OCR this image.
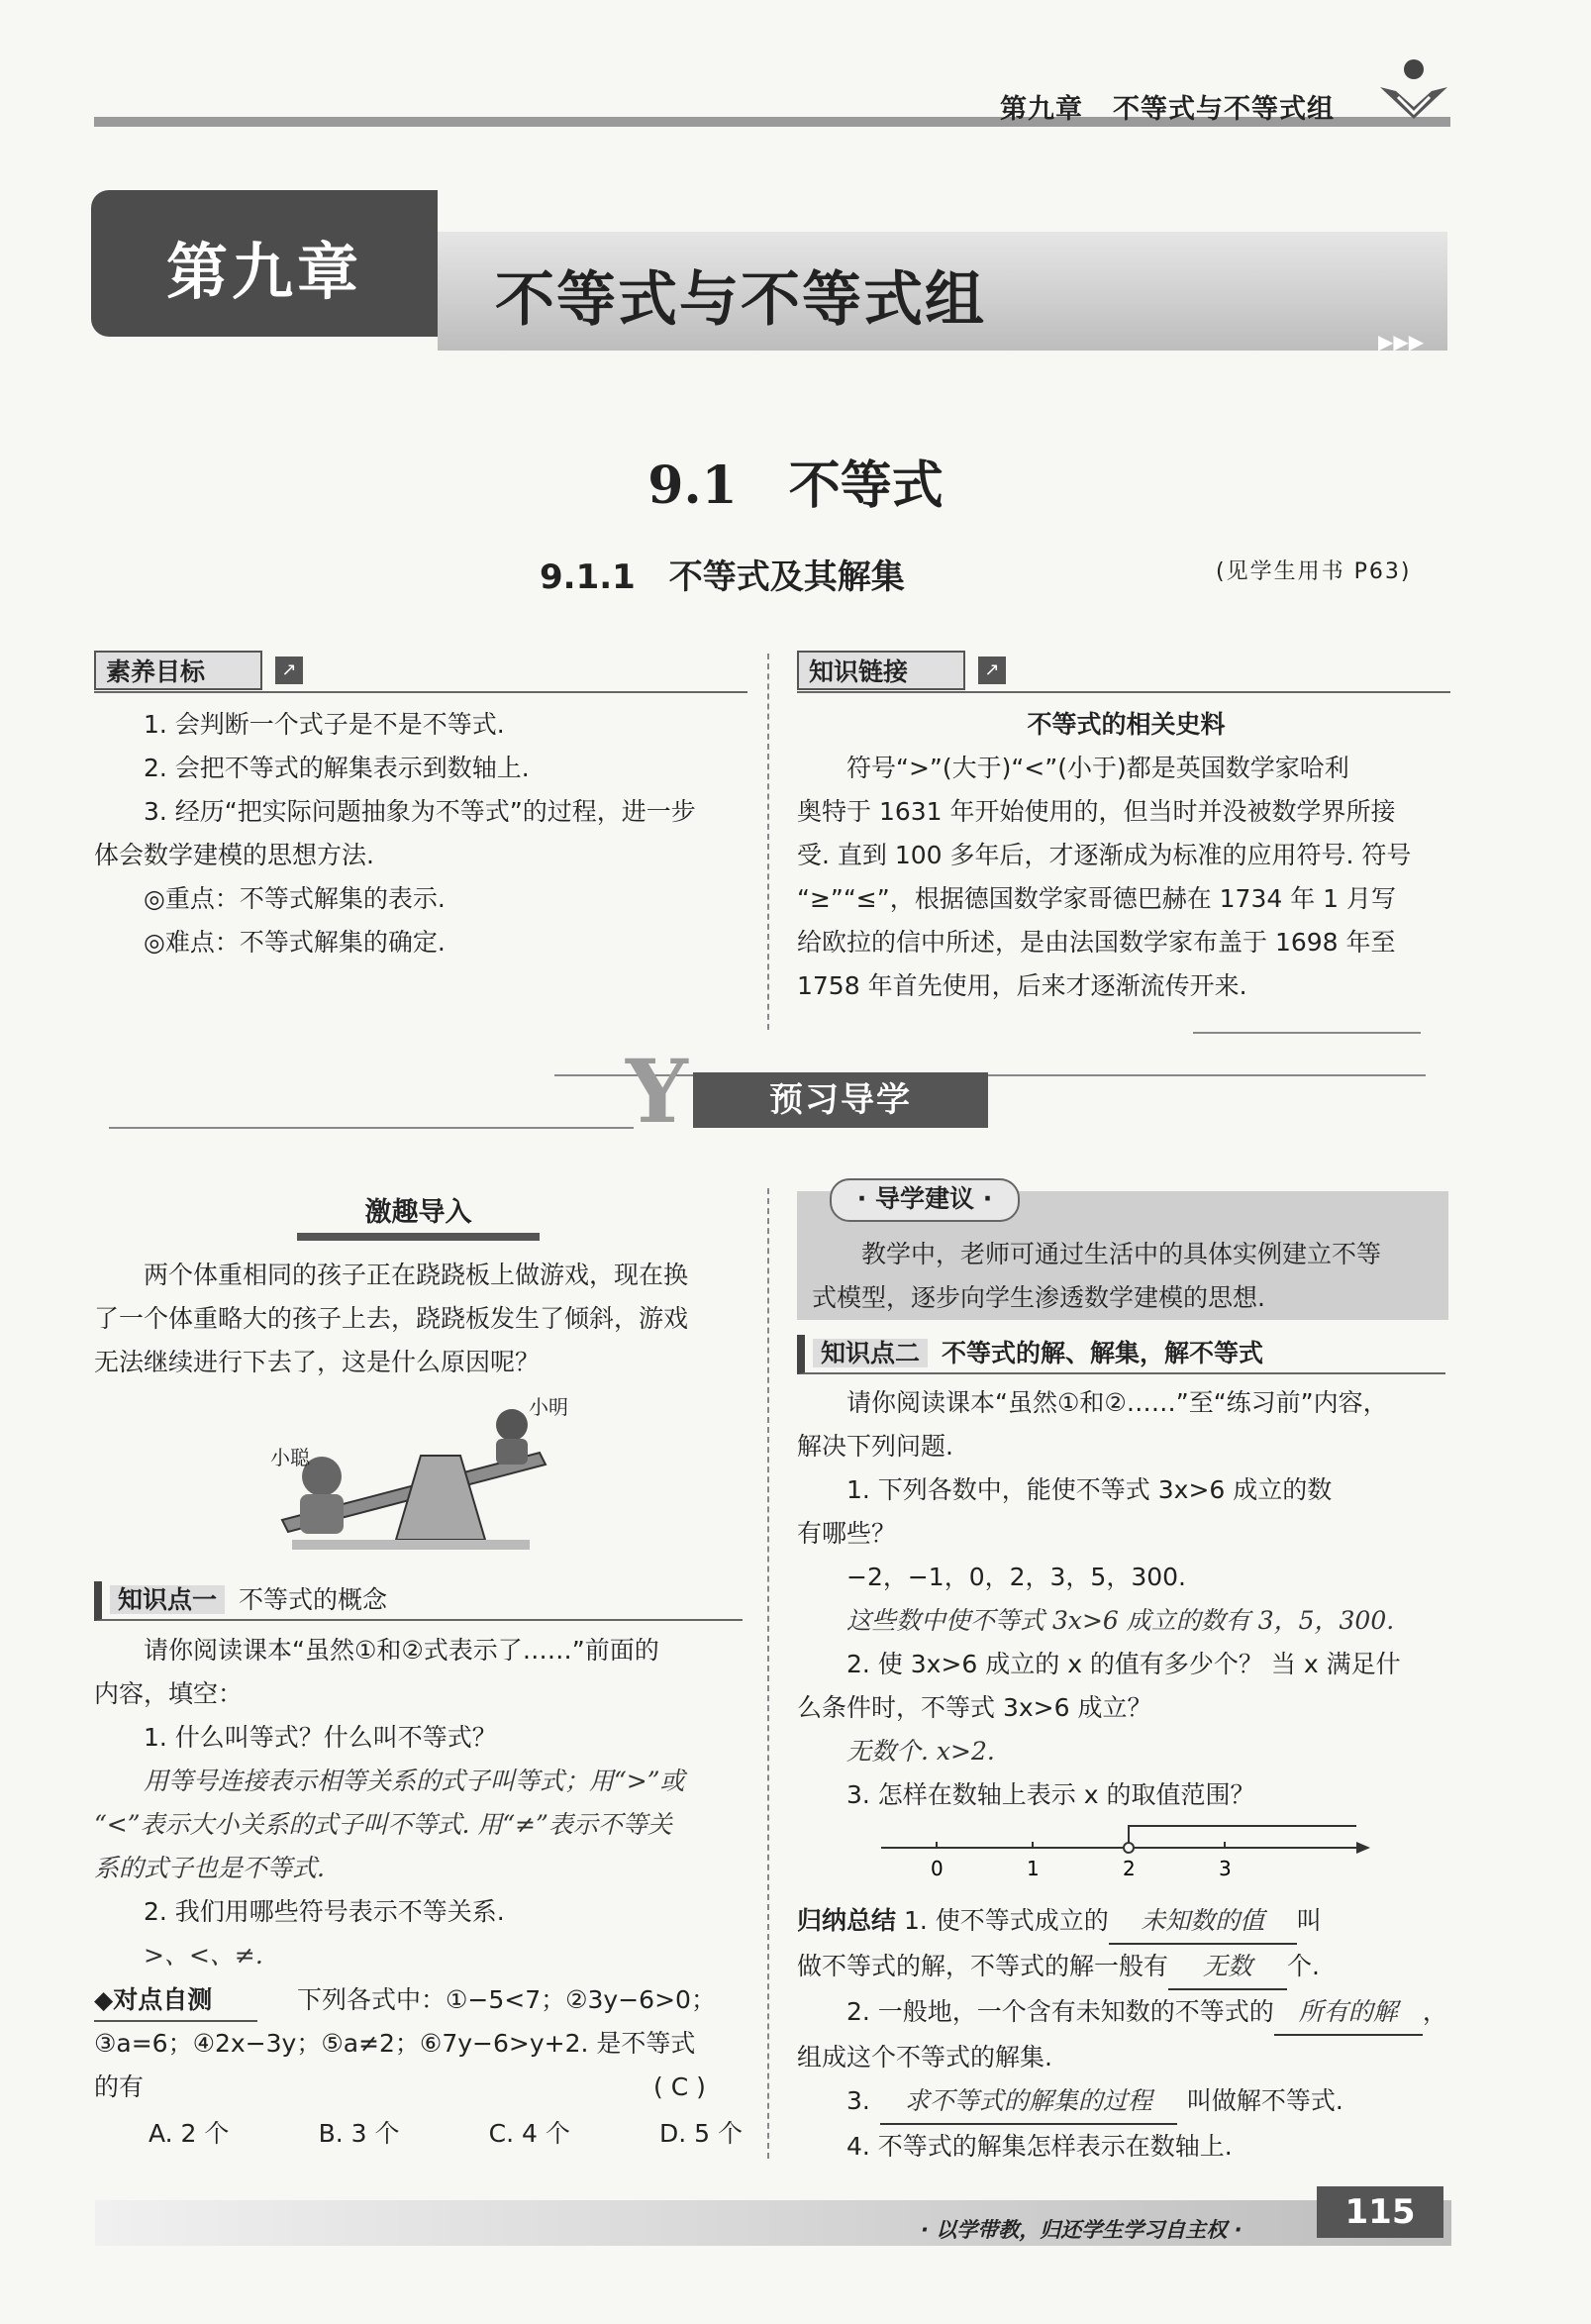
第九章 不等式与不等式组
第九章	不等式与不等式组
▶▶▶
9.1　不等式
9.1.1　不等式及其解集	(见学生用书 P63)
素养目标	↗
1. 会判断一个式子是不是不等式.
2. 会把不等式的解集表示到数轴上.
3. 经历“把实际问题抽象为不等式”的过程，进一步
体会数学建模的思想方法.
◎重点：不等式解集的表示.
◎难点：不等式解集的确定.
知识链接	↗
不等式的相关史料
符号“>”(大于)“<”(小于)都是英国数学家哈利
奥特于 1631 年开始使用的，但当时并没被数学界所接
受. 直到 100 多年后，才逐渐成为标准的应用符号. 符号
“≥”“≤”，根据德国数学家哥德巴赫在 1734 年 1 月写
给欧拉的信中所述，是由法国数学家布盖于 1698 年至
1758 年首先使用，后来才逐渐流传开来.
Y	预习导学
激趣导入
两个体重相同的孩子正在跷跷板上做游戏，现在换
了一个体重略大的孩子上去，跷跷板发生了倾斜，游戏
无法继续进行下去了，这是什么原因呢？
小聪
小明
知识点一 不等式的概念
请你阅读课本“虽然①和②式表示了……”前面的
内容，填空：
1. 什么叫等式？什么叫不等式？
用等号连接表示相等关系的式子叫等式；用“>”或
“<”表示大小关系的式子叫不等式. 用“≠”表示不等关
系的式子也是不等式.
2. 我们用哪些符号表示不等关系.
>、<、≠.
◆对点自测	下列各式中：①−5<7；②3y−6>0；
③a=6；④2x−3y；⑤a≠2；⑥7y−6>y+2. 是不等式
的有	( C )
A. 2 个	B. 3 个	C. 4 个	D. 5 个
· 导学建议 ·
教学中，老师可通过生活中的具体实例建立不等
式模型，逐步向学生渗透数学建模的思想.
知识点二 不等式的解、解集，解不等式
请你阅读课本“虽然①和②……”至“练习前”内容，
解决下列问题.
1. 下列各数中，能使不等式 3x>6 成立的数
有哪些？
−2，−1，0，2，3，5，300.
这些数中使不等式 3x>6 成立的数有 3，5，300.
2. 使 3x>6 成立的 x 的值有多少个？ 当 x 满足什
么条件时，不等式 3x>6 成立？
无数个. x>2.
3. 怎样在数轴上表示 x 的取值范围？
0	1	2	3
归纳总结 1. 使不等式成立的 未知数的值 叫
做不等式的解，不等式的解一般有 无数 个.
2. 一般地，一个含有未知数的不等式的 所有的解 ，
组成这个不等式的解集.
3. 求不等式的解集的过程 叫做解不等式.
4. 不等式的解集怎样表示在数轴上.
· 以学带教，归还学生学习自主权 ·	115
